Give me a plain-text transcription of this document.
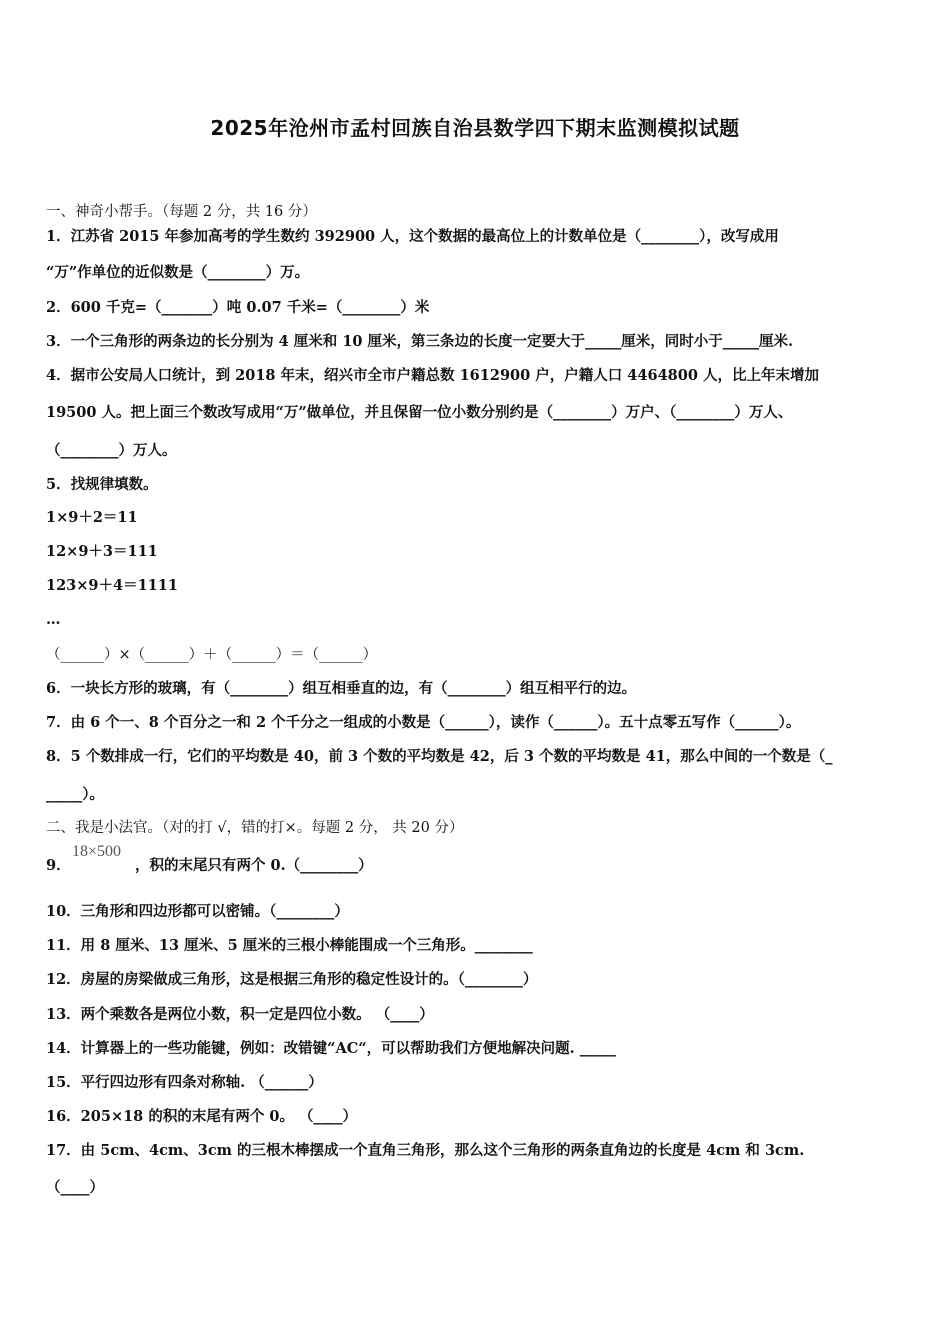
2025年沧州市孟村回族自治县数学四下期末监测模拟试题
一、神奇小帮手。（每题 2 分，共 16 分）
1．江苏省 2015 年参加高考的学生数约 392900 人，这个数据的最高位上的计数单位是（________），改写成用
“万”作单位的近似数是（________）万。
2．600 千克=（_______）吨 0.07 千米=（________）米
3．一个三角形的两条边的长分别为 4 厘米和 10 厘米，第三条边的长度一定要大于_____厘米，同时小于_____厘米.
4．据市公安局人口统计，到 2018 年末，绍兴市全市户籍总数 1612900 户，户籍人口 4464800 人，比上年末增加
19500 人。把上面三个数改写成用“万”做单位，并且保留一位小数分别约是（________）万户、（________）万人、
（________）万人。
5．找规律填数。
1×9＋2＝11
12×9＋3＝111
123×9＋4＝1111
…
（______）×（______）＋（______）＝（______）
6．一块长方形的玻璃，有（________）组互相垂直的边，有（________）组互相平行的边。
7．由 6 个一、8 个百分之一和 2 个千分之一组成的小数是（______），读作（______）。五十点零五写作（______）。
8．5 个数排成一行，它们的平均数是 40，前 3 个数的平均数是 42，后 3 个数的平均数是 41，那么中间的一个数是（_
_____）。
二、我是小法官。（对的打 √，错的打×。每题 2 分， 共 20 分）
9．
18×500
，积的末尾只有两个 0.（________）
10．三角形和四边形都可以密铺。（________）
11．用 8 厘米、13 厘米、5 厘米的三根小棒能围成一个三角形。________
12．房屋的房梁做成三角形，这是根据三角形的稳定性设计的。（________）
13．两个乘数各是两位小数，积一定是四位小数。 （____）
14．计算器上的一些功能键，例如：改错键“AC“，可以帮助我们方便地解决问题. _____
15．平行四边形有四条对称轴. （______）
16．205×18 的积的末尾有两个 0。 （____）
17．由 5cm、4cm、3cm 的三根木棒摆成一个直角三角形，那么这个三角形的两条直角边的长度是 4cm 和 3cm.
（____）
